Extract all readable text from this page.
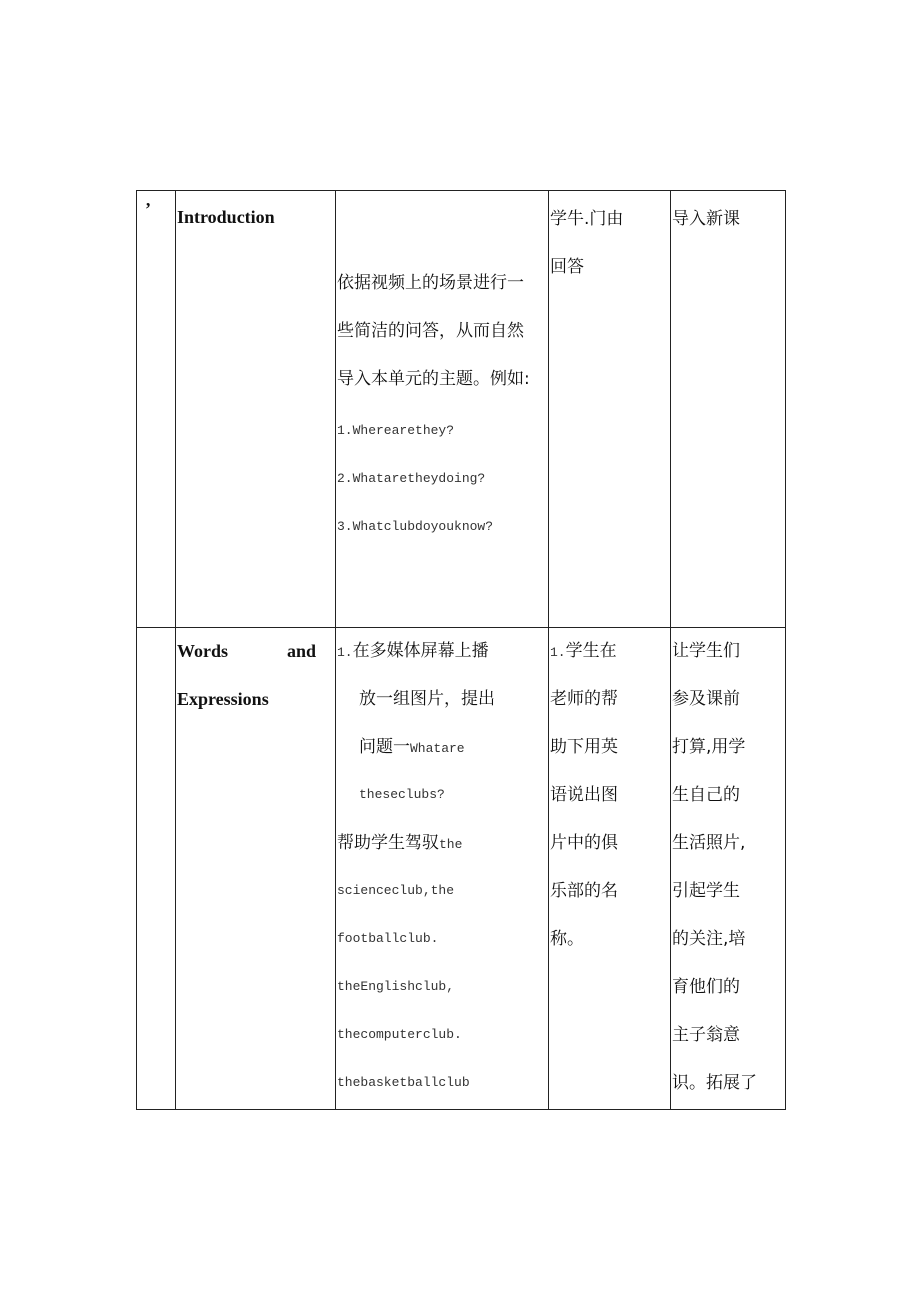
’ Introduction
依据视频上的场景进行一
些简洁的问答，从而自然
导入本单元的主题。例如:
1.Wherearethey?
2.Whataretheydoing?
3.Whatclubdoyouknow?
学牛.门由
回答
导入新课
Words	and
Expressions
1.在多媒体屏幕上播
放一组图片，提出
问题一Whatare
theseclubs?
帮助学生驾驭the
scienceclub,the
footballclub.
theEnglishclub,
thecomputerclub.
thebasketballclub
1.学生在
老师的帮
助下用英
语说出图
片中的俱
乐部的名
称。
让学生们
参及课前
打算,用学
生自己的
生活照片,
引起学生
的关注,培
育他们的
主子翁意
识。拓展了
